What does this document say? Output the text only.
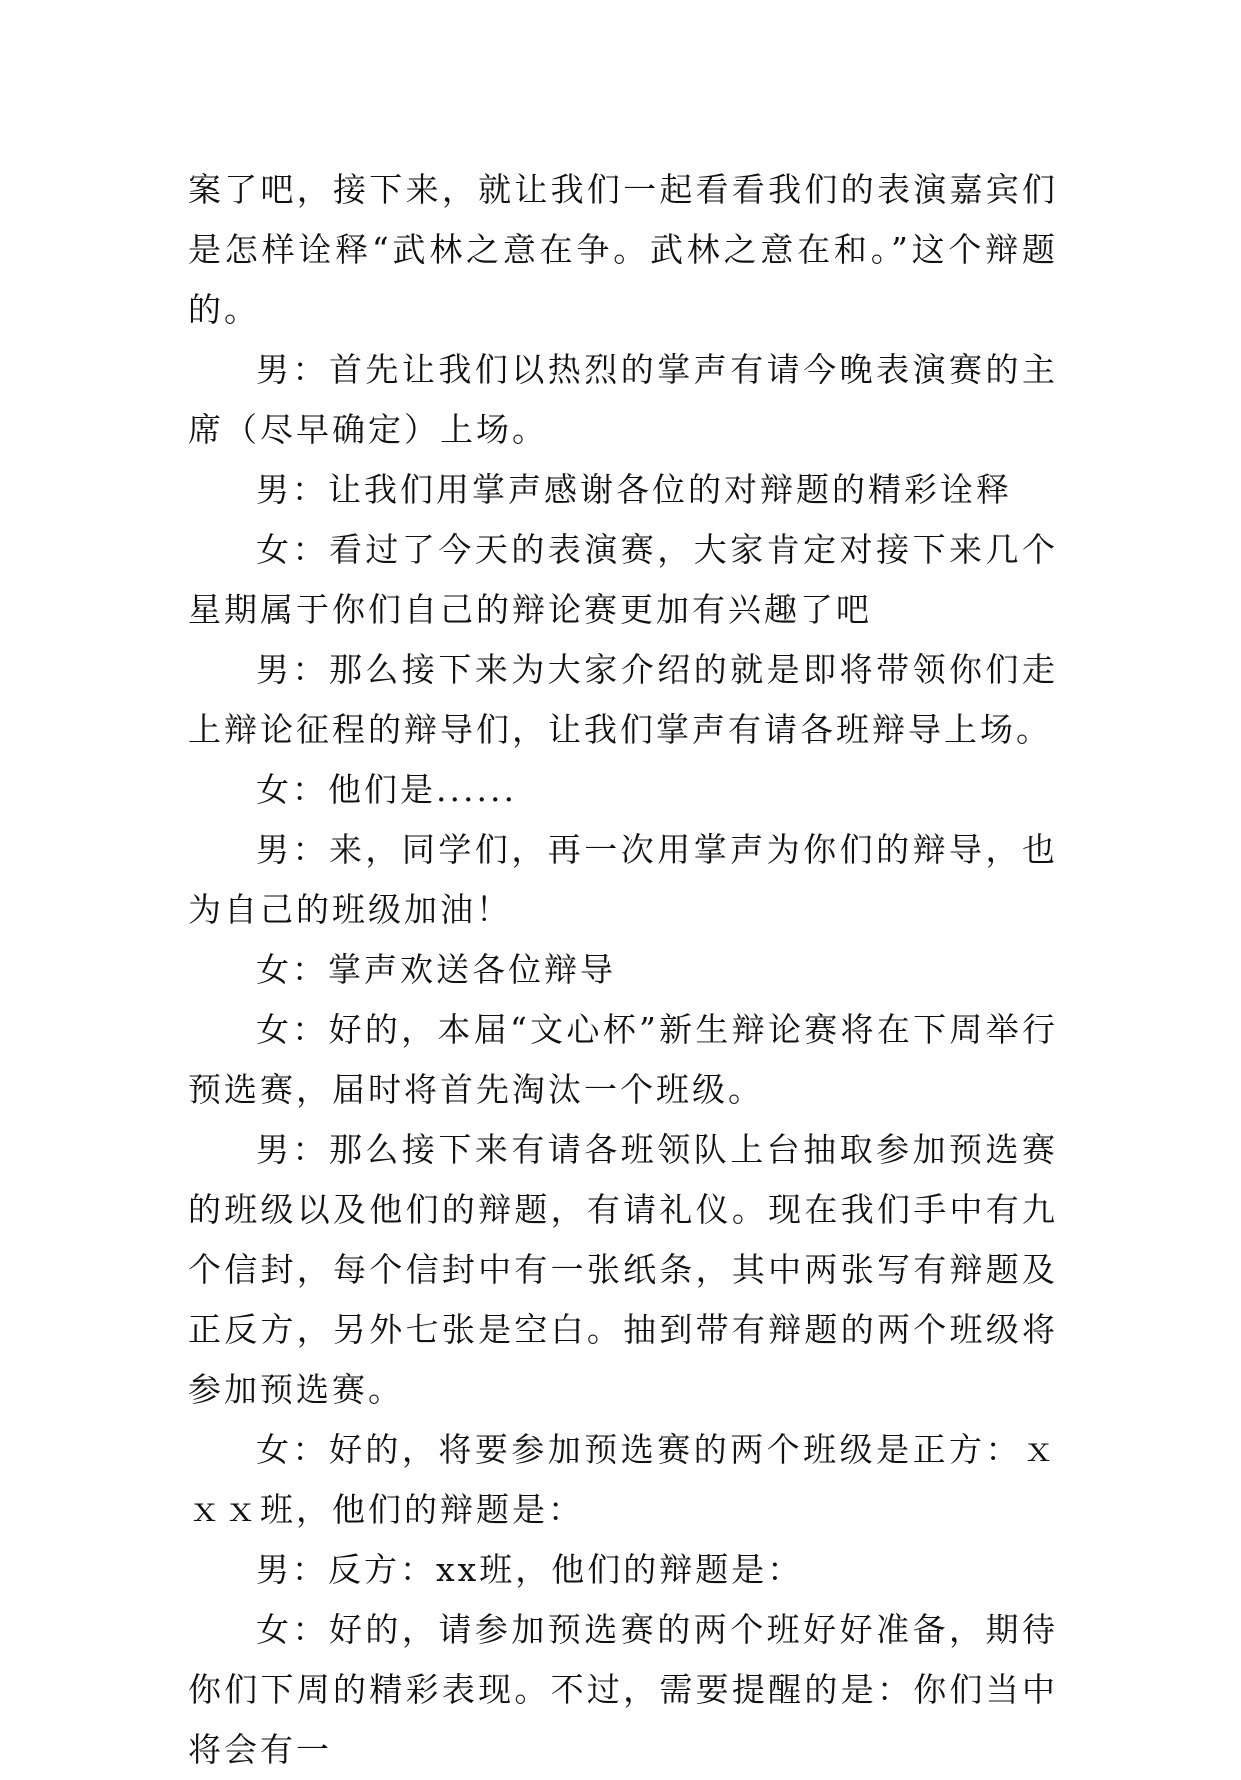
案了吧，接下来，就让我们一起看看我们的表演嘉宾们是怎样诠释“武林之意在争。武林之意在和。”这个辩题的。

男：首先让我们以热烈的掌声有请今晚表演赛的主席（尽早确定）上场。

男：让我们用掌声感谢各位的对辩题的精彩诠释

女：看过了今天的表演赛，大家肯定对接下来几个星期属于你们自己的辩论赛更加有兴趣了吧

男：那么接下来为大家介绍的就是即将带领你们走上辩论征程的辩导们，让我们掌声有请各班辩导上场。

女：他们是......

男：来，同学们，再一次用掌声为你们的辩导，也为自己的班级加油！

女：掌声欢送各位辩导

女：好的，本届“文心杯”新生辩论赛将在下周举行预选赛，届时将首先淘汰一个班级。

男：那么接下来有请各班领队上台抽取参加预选赛的班级以及他们的辩题，有请礼仪。现在我们手中有九个信封，每个信封中有一张纸条，其中两张写有辩题及正反方，另外七张是空白。抽到带有辩题的两个班级将参加预选赛。

女：好的，将要参加预选赛的两个班级是正方：ｘｘｘ班，他们的辩题是：

男：反方：xx班，他们的辩题是：

女：好的，请参加预选赛的两个班好好准备，期待你们下周的精彩表现。不过，需要提醒的是：你们当中将会有一
